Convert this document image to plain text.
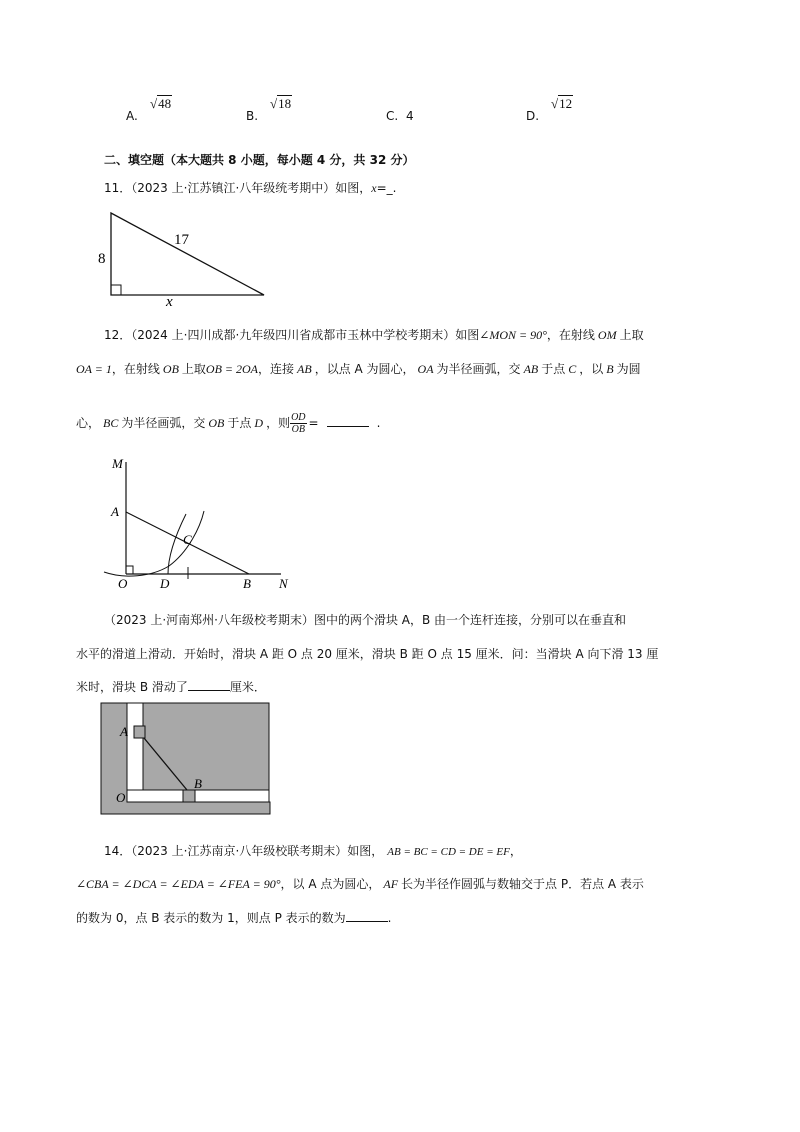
A.
√48
B.
√18
C. 4	D.
√12
二、填空题（本大题共 8 小题，每小题 4 分，共 32 分）
11．（2023 上·江苏镇江·八年级统考期中）如图，x=_.
8
17
x
12．（2024 上·四川成都·九年级四川省成都市玉林中学校考期末）如图∠MON = 90°，在射线 OM 上取
OA = 1，在射线 OB 上取OB = 2OA，连接 AB ，以点 A 为圆心， OA 为半径画弧，交 AB 于点 C ，以 B 为圆
心， BC 为半径画弧，交 OB 于点 D ，则 $\frac{OD}{OB}$ =	.
M
A
C
O	D	B N
（2023 上·河南郑州·八年级校考期末）图中的两个滑块 A，B 由一个连杆连接，分别可以在垂直和
水平的滑道上滑动．开始时，滑块 A 距 O 点 20 厘米，滑块 B 距 O 点 15 厘米．问：当滑块 A 向下滑 13 厘
米时，滑块 B 滑动了	厘米．
A
B
O
14．（2023 上·江苏南京·八年级校联考期末）如图， AB = BC = CD = DE = EF，
∠CBA = ∠DCA = ∠EDA = ∠FEA = 90°，以 A 点为圆心， AF 长为半径作圆弧与数轴交于点 P．若点 A 表示
的数为 0，点 B 表示的数为 1，则点 P 表示的数为	.
